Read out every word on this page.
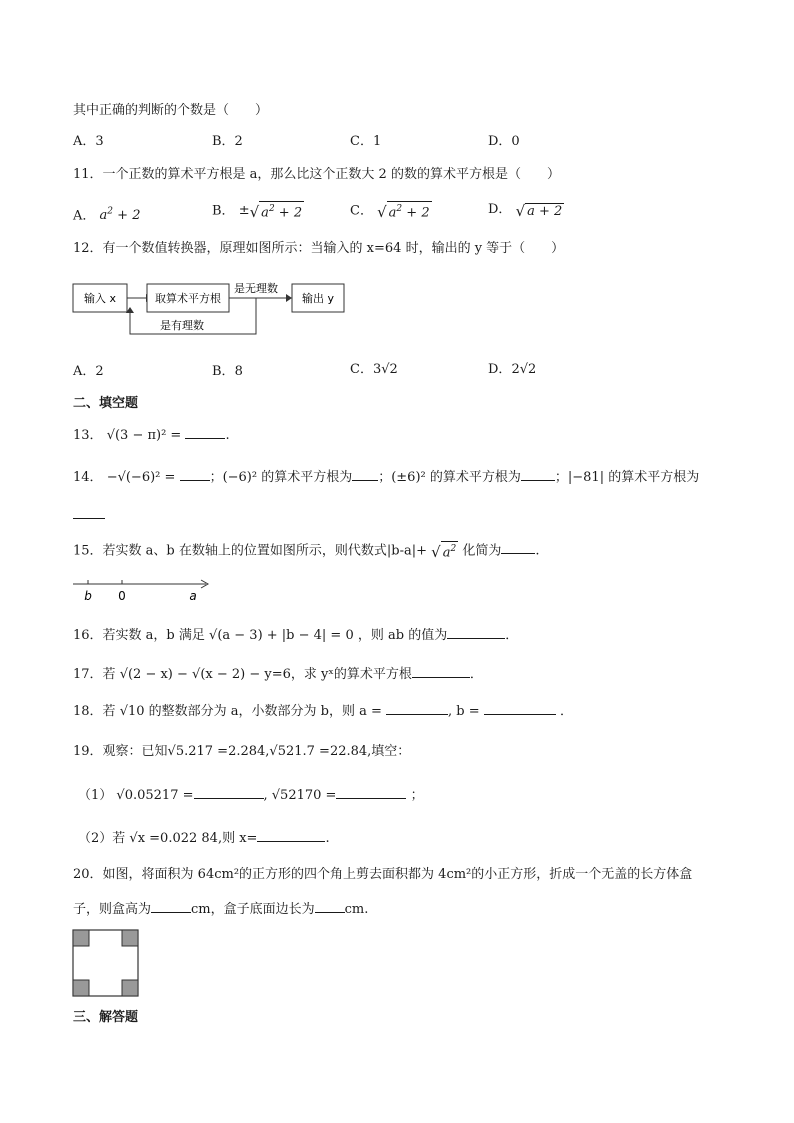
其中正确的判断的个数是（　　）
A．3	B．2	C．1	D．0
11．一个正数的算术平方根是 a，那么比这个正数大 2 的数的算术平方根是（　　）
A． $a^2 + 2$	B． ± √ $a^2 + 2$	C． √ $a^2 + 2$	D． √ a + 2
12．有一个数值转换器，原理如图所示：当输入的 x=64 时，输出的 y 等于（　　）
输入 x	取算术平方根
是无理数
输出 y
是有理数
A．2	B．8	C．3√2	D．2√2
二、填空题
13． √(3 − π)² =	.
14． −√(−6)² =	；(−6)² 的算术平方根为 ；(±6)² 的算术平方根为	；|−81| 的算术平方根为
15．若实数 a、b 在数轴上的位置如图所示，则代数式|b-a|+ √ $a^2$ 化简为	.
b 0	a
16．若实数 a，b 满足 √(a − 3) + |b − 4| = 0 ，则 ab 的值为	．
17．若 √(2 − x) − √(x − 2) − y=6，求 yˣ的算术平方根	．
18．若 √10 的整数部分为 a，小数部分为 b，则 a =	, b =	．
19．观察：已知√5.217 =2.284,√521.7 =22.84,填空：
（1） √0.05217 =	, √52170 =	；
（2）若 √x =0.022 84,则 x=	.
20．如图，将面积为 64cm²的正方形的四个角上剪去面积都为 4cm²的小正方形，折成一个无盖的长方体盒
子，则盒高为	cm，盒子底面边长为 cm.
三、解答题
